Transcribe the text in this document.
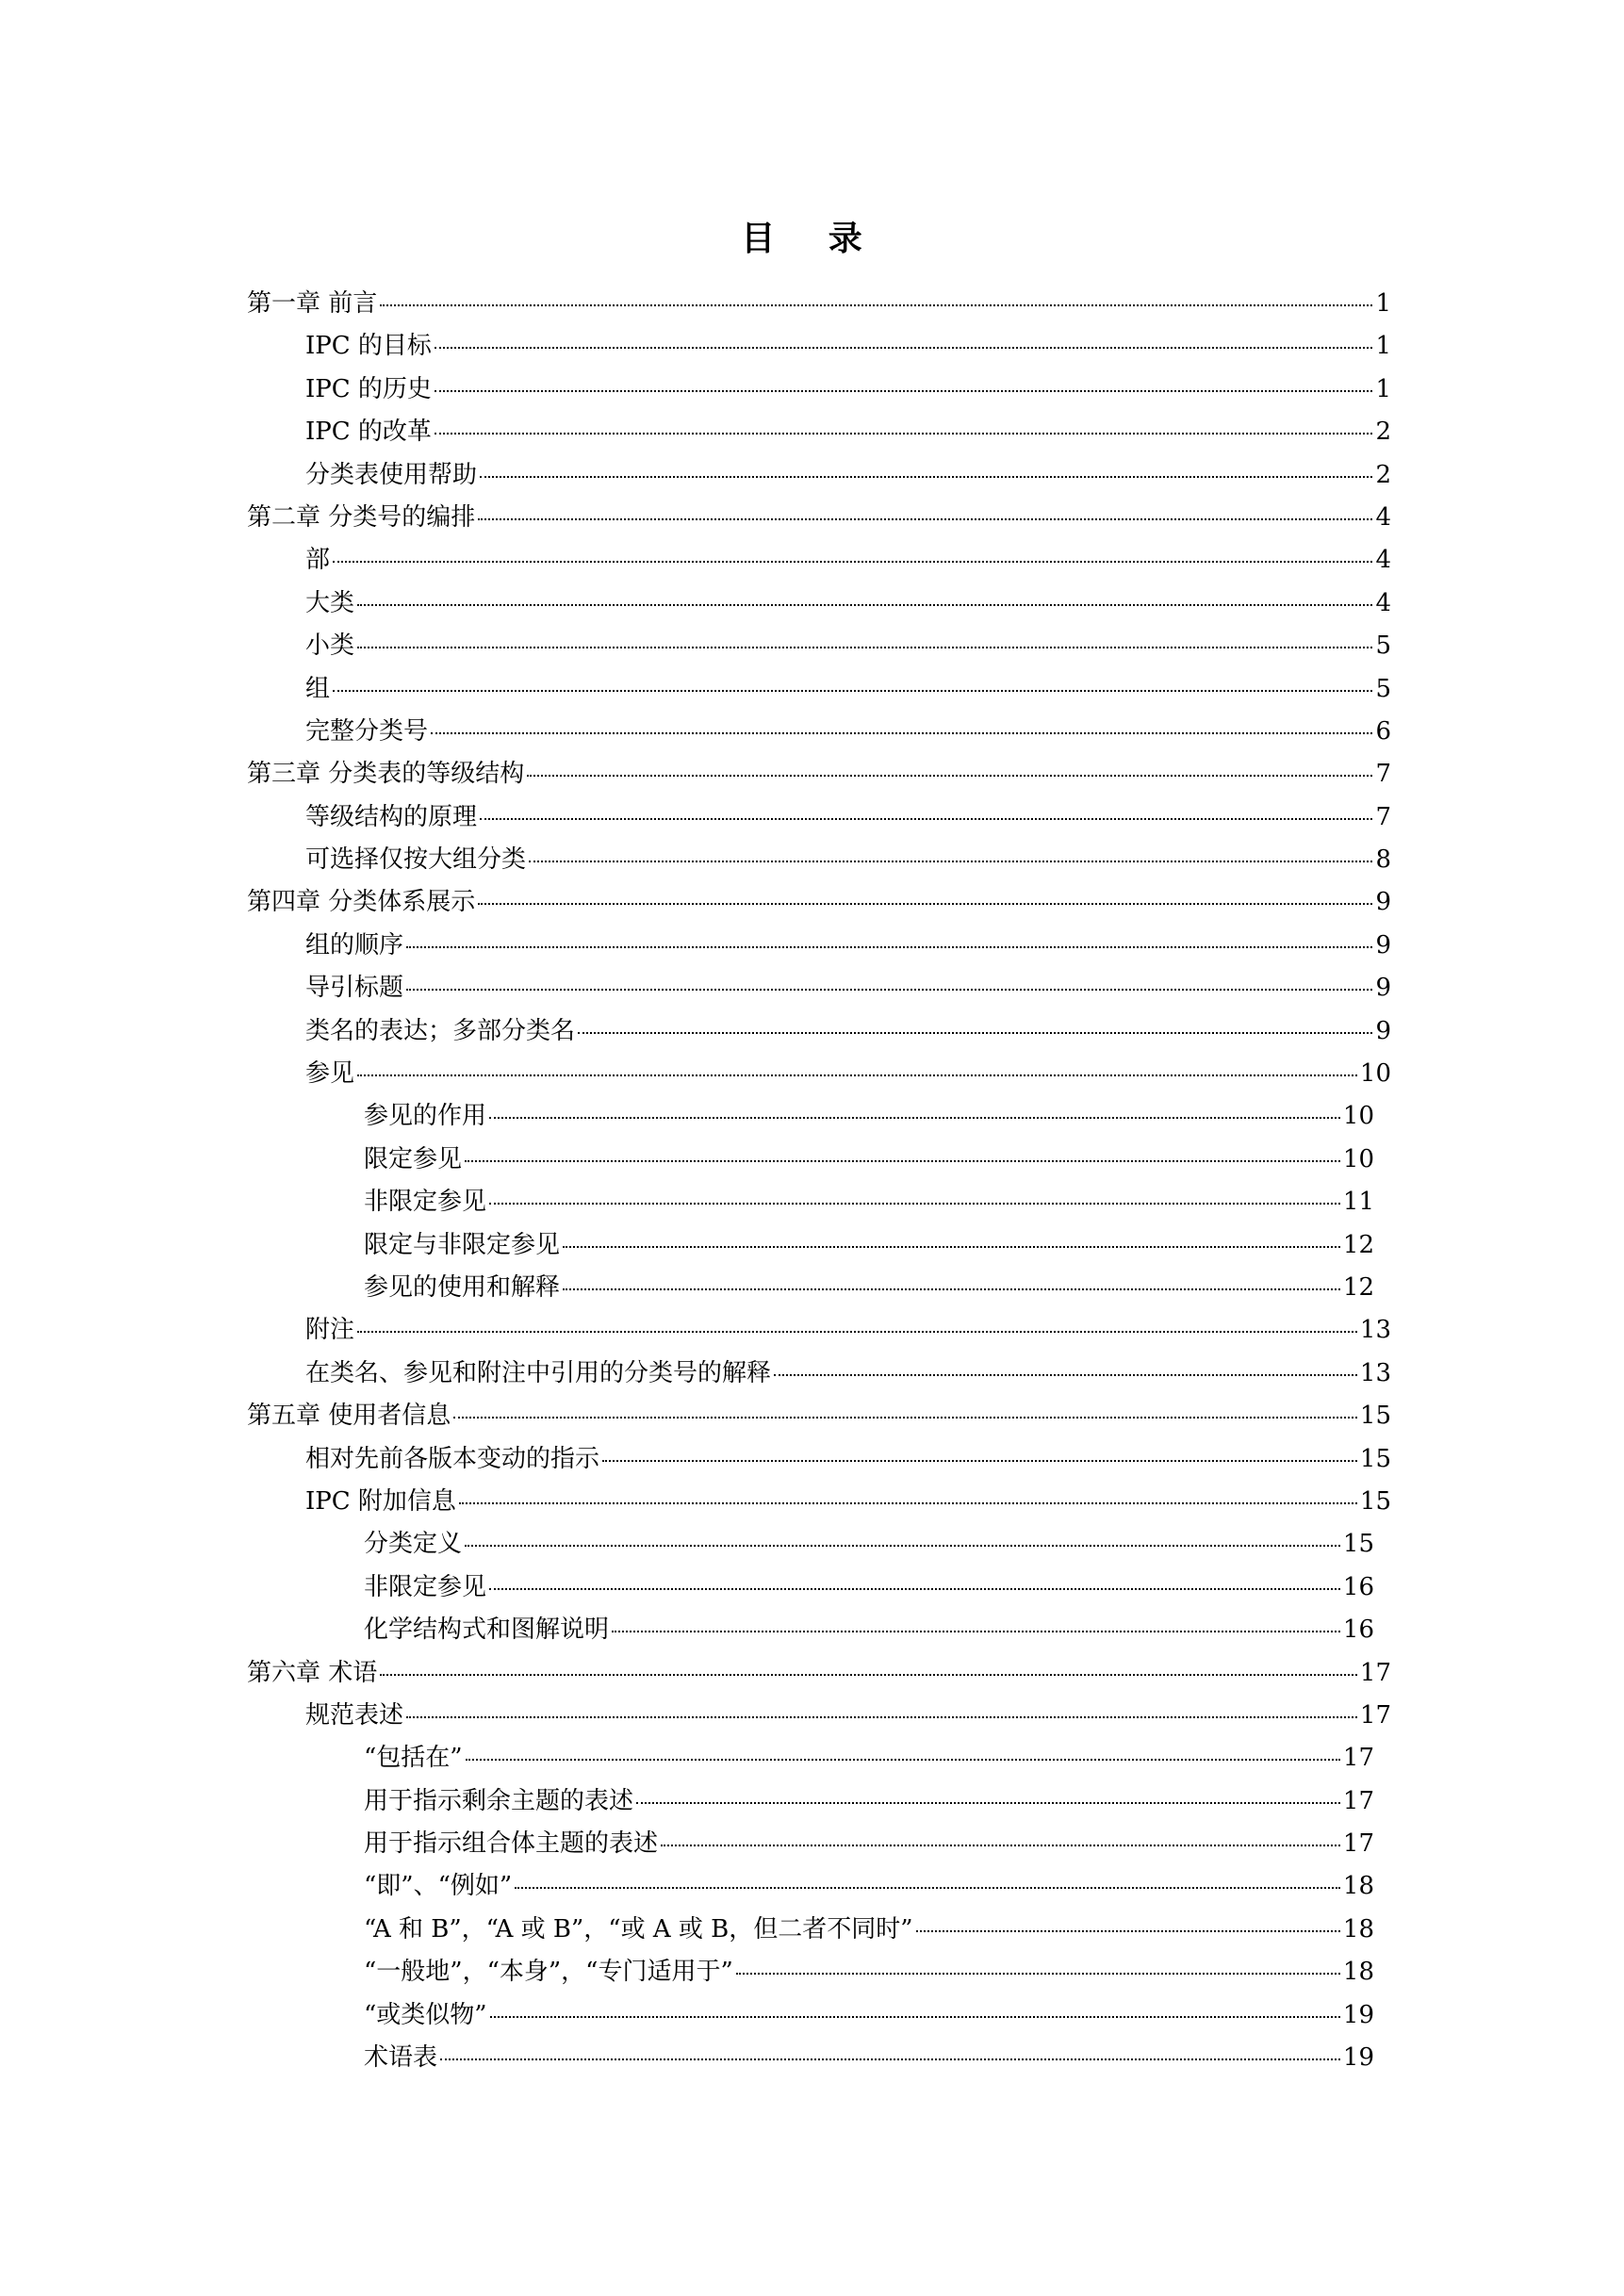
目 录
第一章 前言	1
IPC 的目标	1
IPC 的历史	1
IPC 的改革	2
分类表使用帮助	2
第二章 分类号的编排	4
部	4
大类	4
小类	5
组	5
完整分类号	6
第三章 分类表的等级结构	7
等级结构的原理	7
可选择仅按大组分类	8
第四章 分类体系展示	9
组的顺序	9
导引标题	9
类名的表达；多部分类名	9
参见	10
参见的作用	10
限定参见	10
非限定参见	11
限定与非限定参见	12
参见的使用和解释	12
附注	13
在类名、参见和附注中引用的分类号的解释	13
第五章 使用者信息	15
相对先前各版本变动的指示	15
IPC 附加信息	15
分类定义	15
非限定参见	16
化学结构式和图解说明	16
第六章 术语	17
规范表述	17
“包括在”	17
用于指示剩余主题的表述	17
用于指示组合体主题的表述	17
“即”、“例如”	18
“A 和 B”，“A 或 B”，“或 A 或 B，但二者不同时”	18
“一般地”，“本身”，“专门适用于”	18
“或类似物”	19
术语表	19
